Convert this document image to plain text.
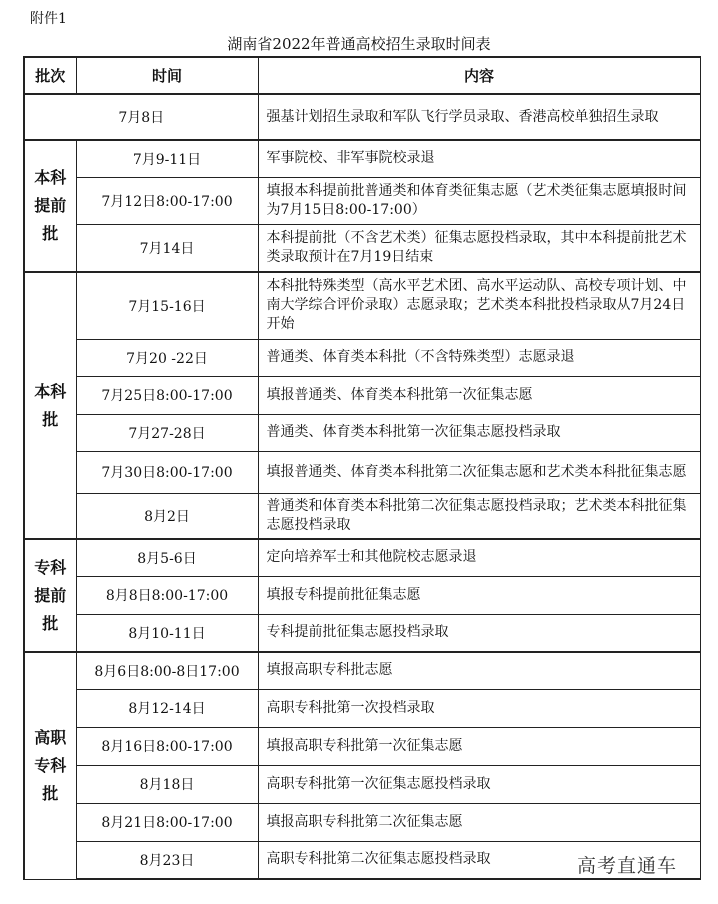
附件1
湖南省2022年普通高校招生录取时间表
批次	时间	内容
7月8日		强基计划招生录取和军队飞行学员录取、香港高校单独招生录取
本科
提前
批	7月9-11日	军事院校、非军事院校录退
	7月12日8:00-17:00	填报本科提前批普通类和体育类征集志愿（艺术类征集志愿填报时间为7月15日8:00-17:00）
	7月14日	本科提前批（不含艺术类）征集志愿投档录取，其中本科提前批艺术类录取预计在7月19日结束
本科
批	7月15-16日	本科批特殊类型（高水平艺术团、高水平运动队、高校专项计划、中南大学综合评价录取）志愿录取；艺术类本科批投档录取从7月24日开始
	7月20 -22日	普通类、体育类本科批（不含特殊类型）志愿录退
	7月25日8:00-17:00	填报普通类、体育类本科批第一次征集志愿
	7月27-28日	普通类、体育类本科批第一次征集志愿投档录取
	7月30日8:00-17:00	填报普通类、体育类本科批第二次征集志愿和艺术类本科批征集志愿
	8月2日	普通类和体育类本科批第二次征集志愿投档录取；艺术类本科批征集志愿投档录取
专科
提前
批	8月5-6日	定向培养军士和其他院校志愿录退
	8月8日8:00-17:00	填报专科提前批征集志愿
	8月10-11日	专科提前批征集志愿投档录取
高职
专科
批	8月6日8:00-8日17:00	填报高职专科批志愿
	8月12-14日	高职专科批第一次投档录取
	8月16日8:00-17:00	填报高职专科批第一次征集志愿
	8月18日	高职专科批第一次征集志愿投档录取
	8月21日8:00-17:00	填报高职专科批第二次征集志愿
	8月23日	高职专科批第二次征集志愿投档录取	高考直通车
